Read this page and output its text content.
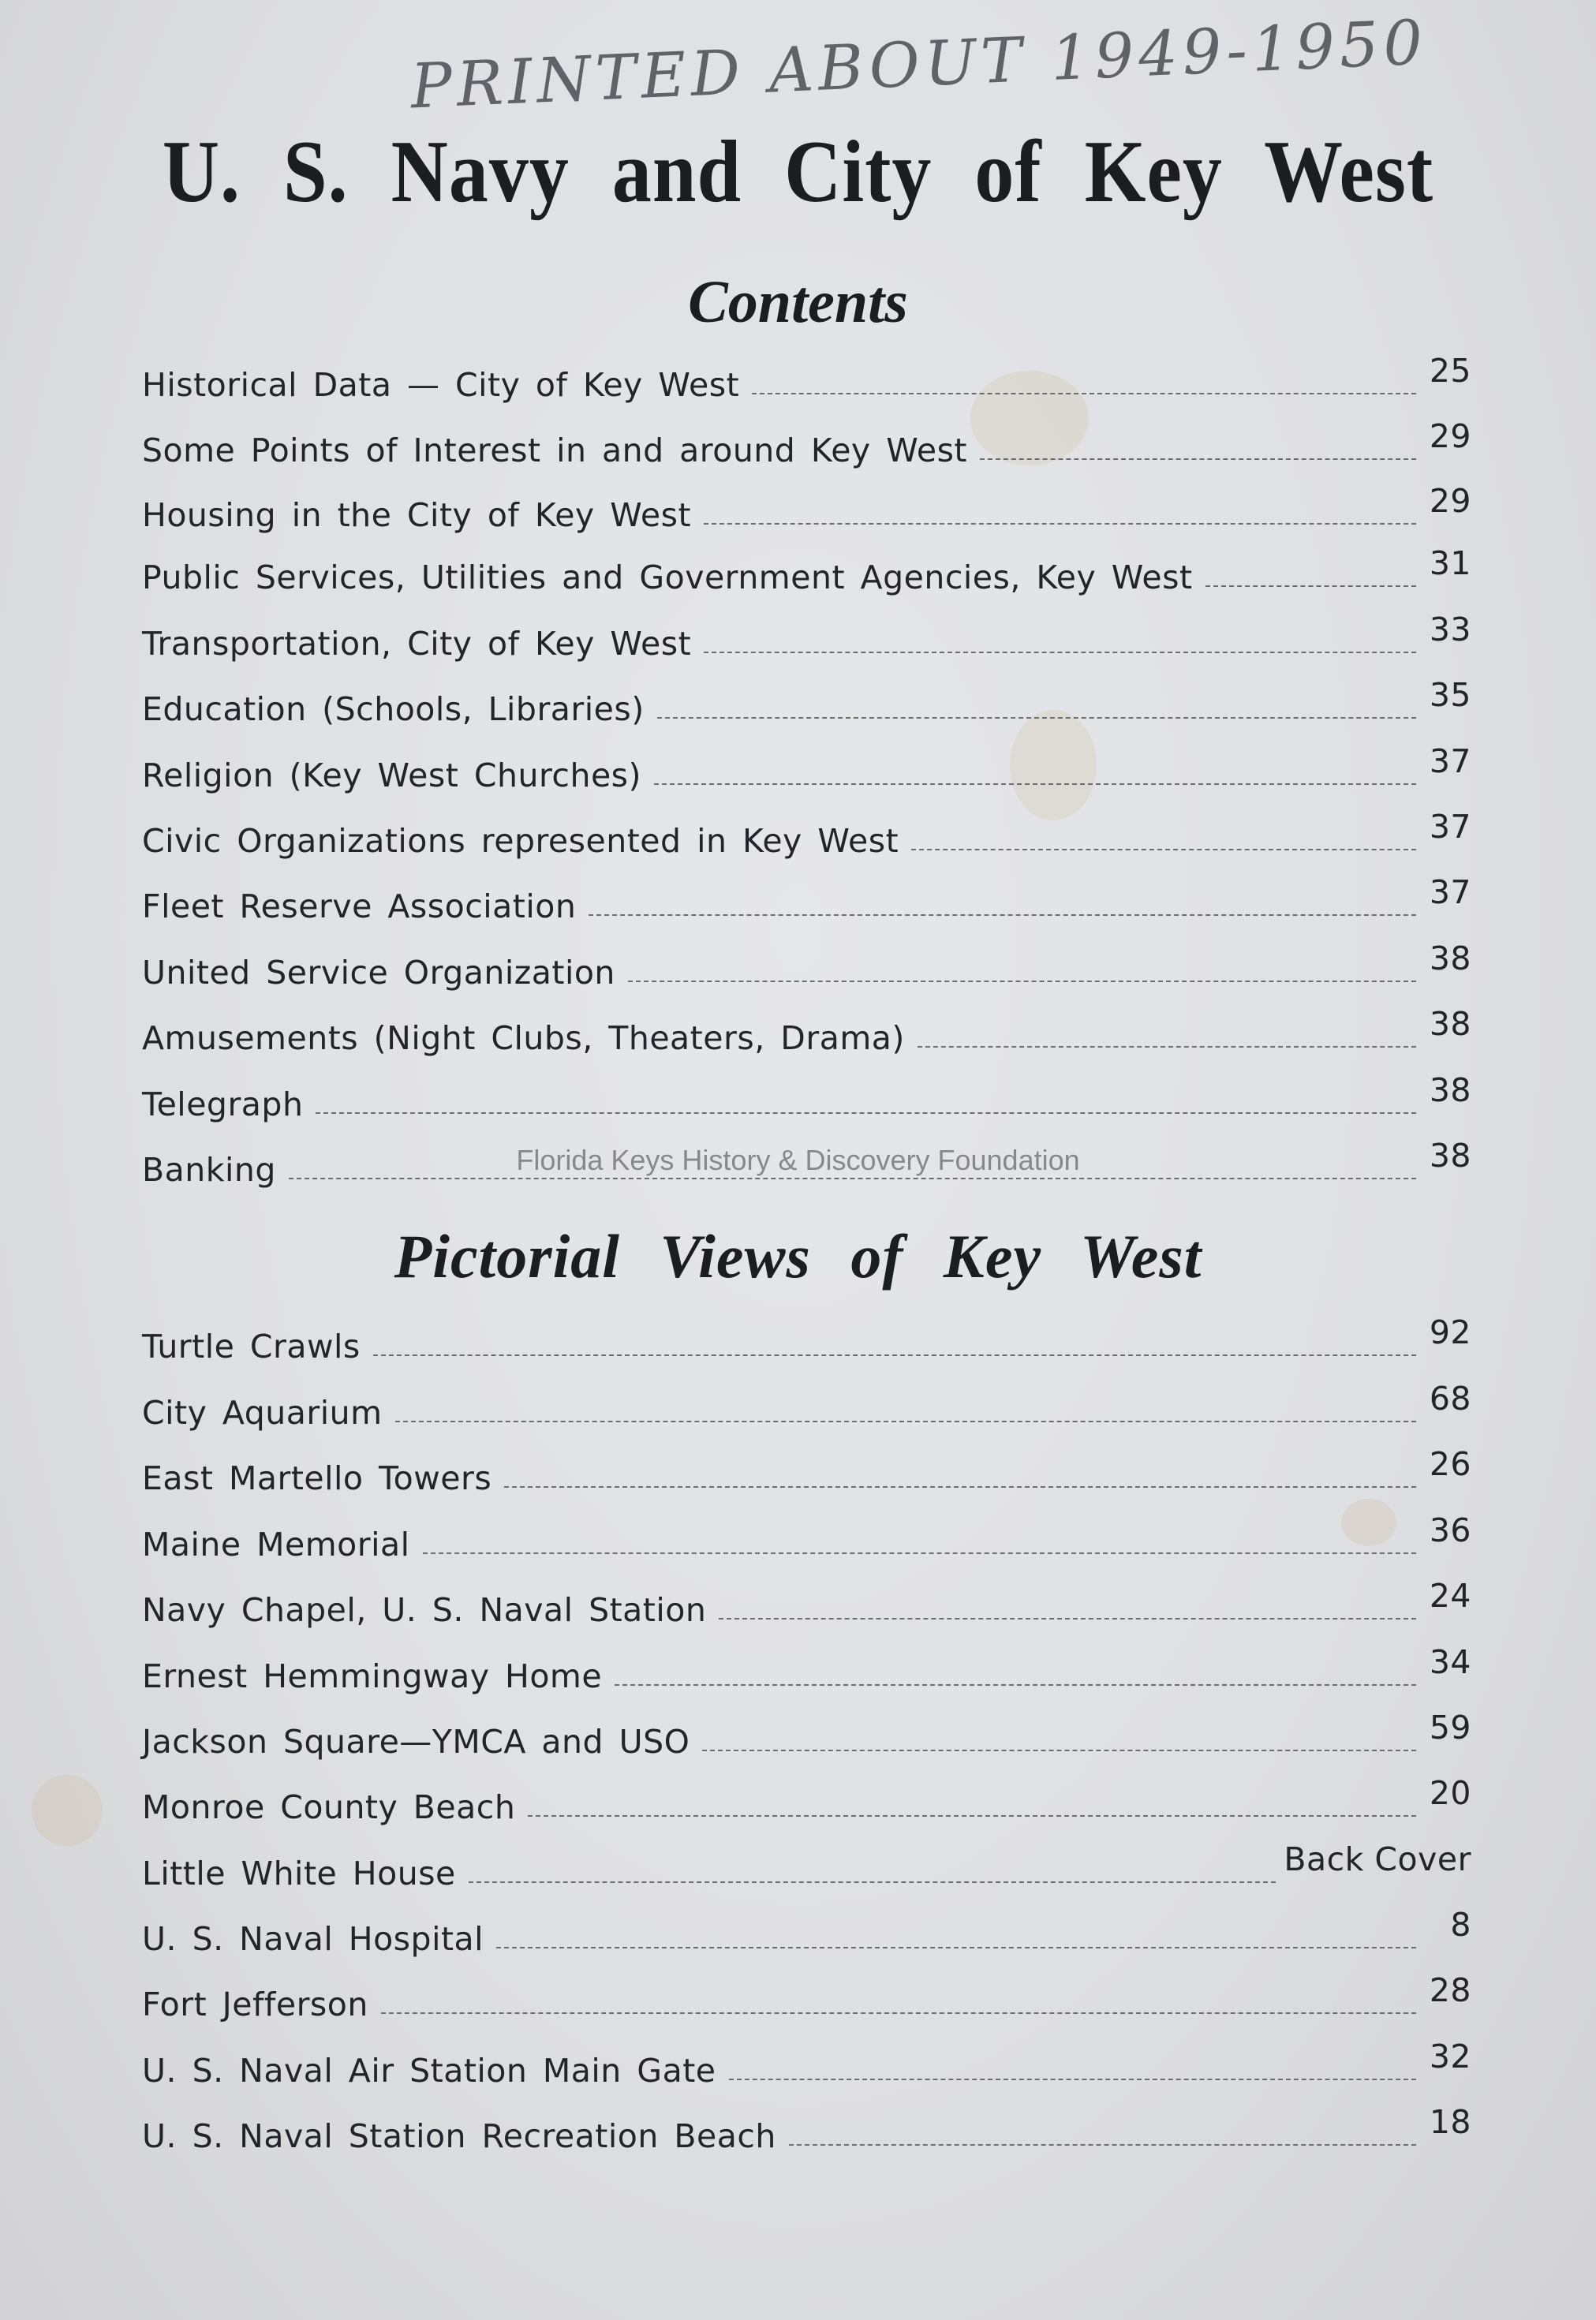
PRINTED ABOUT 1949-1950
U. S. Navy and City of Key West
Contents
Historical Data — City of Key West	25
Some Points of Interest in and around Key West	29
Housing in the City of Key West	29
Public Services, Utilities and Government Agencies, Key West	31
Transportation, City of Key West	33
Education (Schools, Libraries)	35
Religion (Key West Churches)	37
Civic Organizations represented in Key West	37
Fleet Reserve Association	37
United Service Organization	38
Amusements (Night Clubs, Theaters, Drama)	38
Telegraph	38
Banking	38
Florida Keys History & Discovery Foundation
Pictorial Views of Key West
Turtle Crawls	92
City Aquarium	68
East Martello Towers	26
Maine Memorial	36
Navy Chapel, U. S. Naval Station	24
Ernest Hemmingway Home	34
Jackson Square—YMCA and USO	59
Monroe County Beach	20
Little White House	Back Cover
U. S. Naval Hospital	8
Fort Jefferson	28
U. S. Naval Air Station Main Gate	32
U. S. Naval Station Recreation Beach	18
